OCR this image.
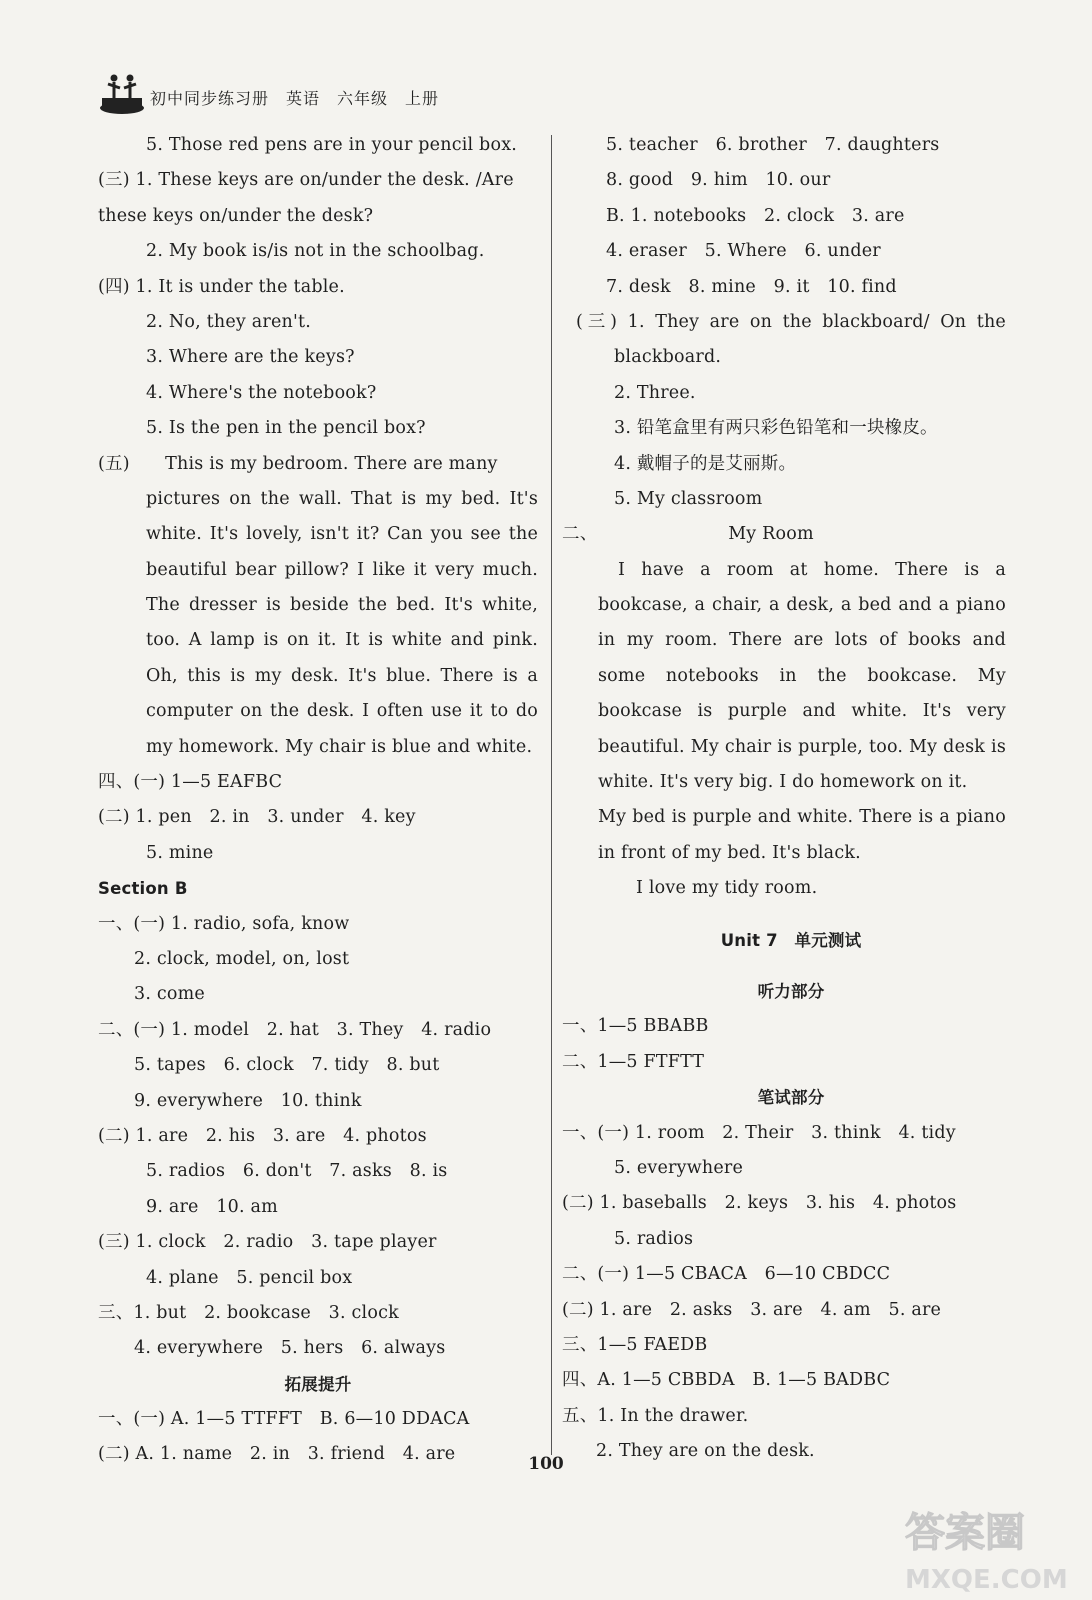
初中同步练习册　英语　六年级　上册
5. Those red pens are in your pencil box.
(三) 1. These keys are on/under the desk. /Are
these keys on/under the desk?
2. My book is/is not in the schoolbag.
(四) 1. It is under the table.
2. No, they aren't.
3. Where are the keys?
4. Where's the notebook?
5. Is the pen in the pencil box?
(五)　　This is my bedroom. There are many
pictures on the wall. That is my bed. It's
white. It's lovely, isn't it? Can you see the
beautiful bear pillow? I like it very much.
The dresser is beside the bed. It's white,
too. A lamp is on it. It is white and pink.
Oh, this is my desk. It's blue. There is a
computer on the desk. I often use it to do
my homework. My chair is blue and white.
四、(一) 1—5 EAFBC
(二) 1. pen　2. in　3. under　4. key
5. mine
Section B
一、(一) 1. radio, sofa, know
2. clock, model, on, lost
3. come
二、(一) 1. model　2. hat　3. They　4. radio
5. tapes　6. clock　7. tidy　8. but
9. everywhere　10. think
(二) 1. are　2. his　3. are　4. photos
5. radios　6. don't　7. asks　8. is
9. are　10. am
(三) 1. clock　2. radio　3. tape player
4. plane　5. pencil box
三、1. but　2. bookcase　3. clock
4. everywhere　5. hers　6. always
拓展提升
一、(一) A. 1—5 TTFFT　B. 6—10 DDACA
(二) A. 1. name　2. in　3. friend　4. are
5. teacher　6. brother　7. daughters
8. good　9. him　10. our
B. 1. notebooks　2. clock　3. are
4. eraser　5. Where　6. under
7. desk　8. mine　9. it　10. find
(三) 1. They are on the blackboard/ On the
blackboard.
2. Three.
3. 铅笔盒里有两只彩色铅笔和一块橡皮。
4. 戴帽子的是艾丽斯。
5. My classroom
二、	My Room
I have a room at home. There is a
bookcase, a chair, a desk, a bed and a piano
in my room. There are lots of books and
some notebooks in the bookcase. My
bookcase is purple and white. It's very
beautiful. My chair is purple, too. My desk is
white. It's very big. I do homework on it.
My bed is purple and white. There is a piano
in front of my bed. It's black.
I love my tidy room.
Unit 7　单元测试
听力部分
一、1—5 BBABB
二、1—5 FTFTT
笔试部分
一、(一) 1. room　2. Their　3. think　4. tidy
5. everywhere
(二) 1. baseballs　2. keys　3. his　4. photos
5. radios
二、(一) 1—5 CBACA　6—10 CBDCC
(二) 1. are　2. asks　3. are　4. am　5. are
三、1—5 FAEDB
四、A. 1—5 CBBDA　B. 1—5 BADBC
五、1. In the drawer.
2. They are on the desk.
100
答案圈
MXQE.COM
